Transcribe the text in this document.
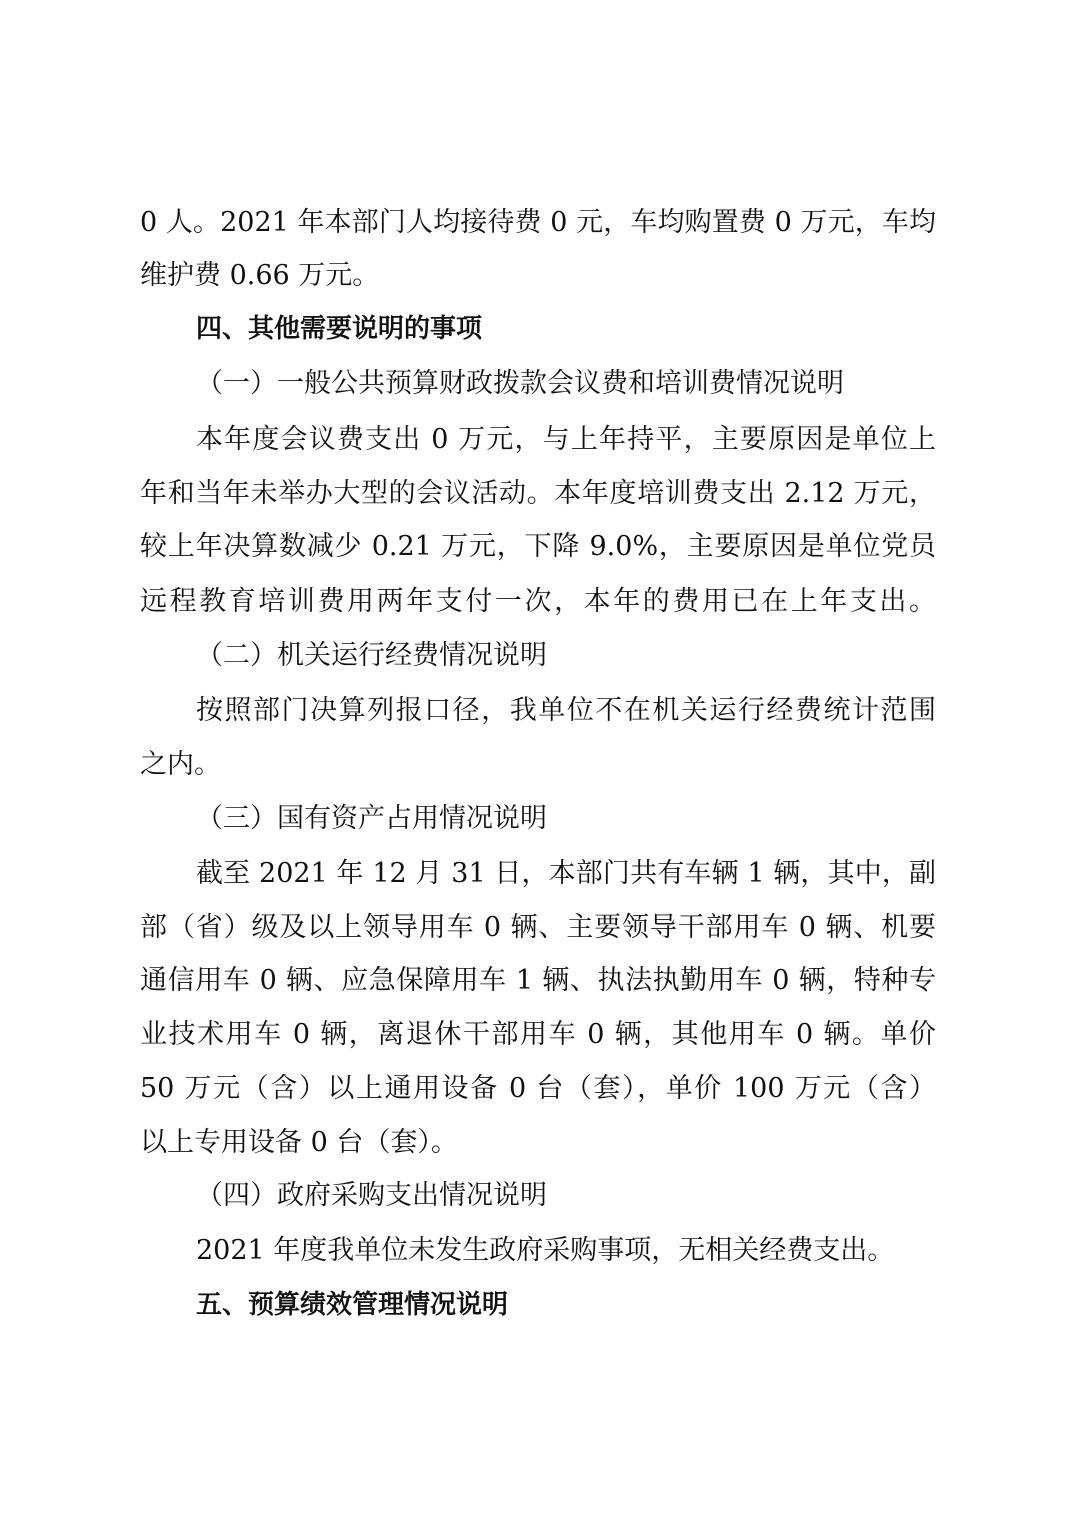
0 人。2021 年本部门人均接待费 0 元，车均购置费 0 万元，车均

维护费 0.66 万元。

四、其他需要说明的事项

（一）一般公共预算财政拨款会议费和培训费情况说明

本年度会议费支出 0 万元，与上年持平，主要原因是单位上

年和当年未举办大型的会议活动。本年度培训费支出 2.12 万元，

较上年决算数减少 0.21 万元，下降 9.0%，主要原因是单位党员

远程教育培训费用两年支付一次，本年的费用已在上年支出。

（二）机关运行经费情况说明

按照部门决算列报口径，我单位不在机关运行经费统计范围

之内。

（三）国有资产占用情况说明

截至 2021 年 12 月 31 日，本部门共有车辆 1 辆，其中，副

部（省）级及以上领导用车 0 辆、主要领导干部用车 0 辆、机要

通信用车 0 辆、应急保障用车 1 辆、执法执勤用车 0 辆，特种专

业技术用车 0 辆，离退休干部用车 0 辆，其他用车 0 辆。单价

50 万元（含）以上通用设备 0 台（套），单价 100 万元（含）

以上专用设备 0 台（套）。

（四）政府采购支出情况说明

2021 年度我单位未发生政府采购事项，无相关经费支出。

五、预算绩效管理情况说明
